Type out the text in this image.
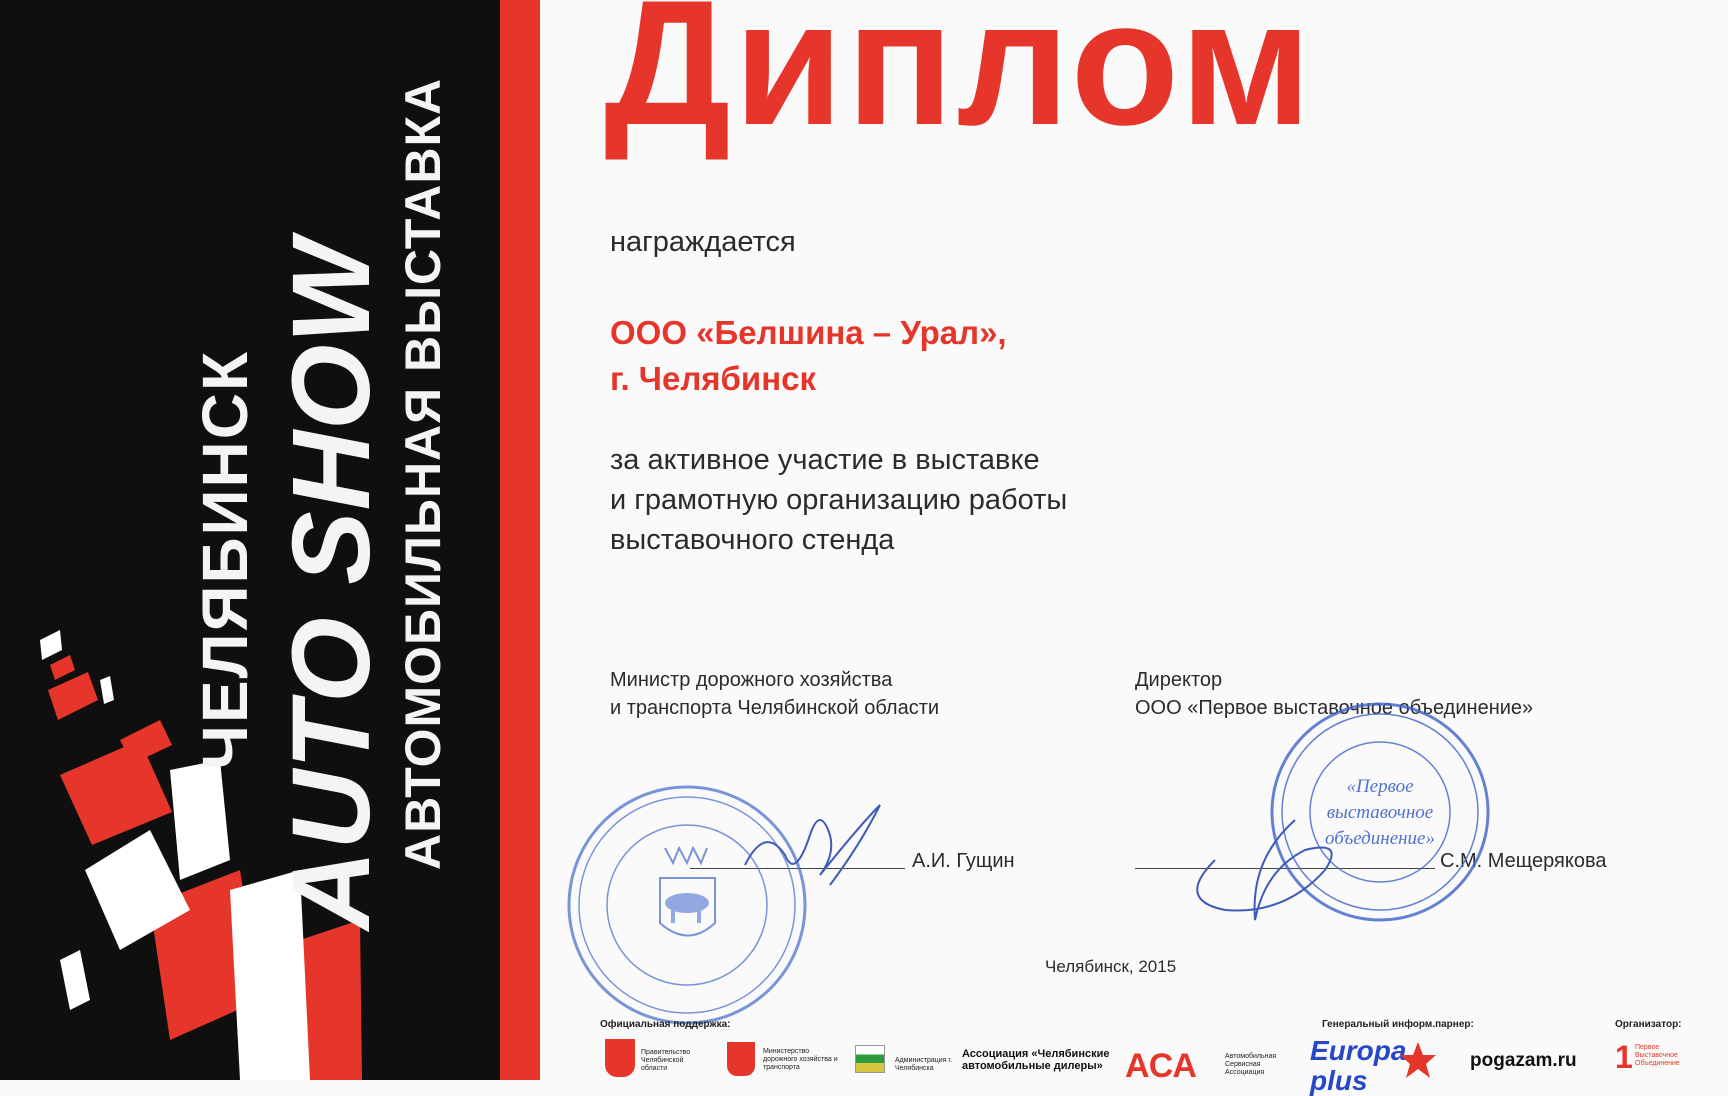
ЧЕЛЯБИНСК AUTO SHOW АВТОМОБИЛЬНАЯ ВЫСТАВКА
Диплом
награждается
ООО «Белшина – Урал»,
г. Челябинск
за активное участие в выставке
и грамотную организацию работы
выставочного стенда
Министр дорожного хозяйства
и транспорта Челябинской области
А.И. Гущин
Директор
ООО «Первое выставочное объединение»
С.М. Мещерякова
«Первое
выставочное
объединение»
Челябинск, 2015
Официальная поддержка:	Генеральный информ.парнер:	Организатор:
Правительство Челябинской области
Министерство дорожного хозяйства и транспорта
Администрация г. Челябинска
Ассоциация «Челябинские автомобильные дилеры» АСА	Автомобильная Сервисная Ассоциация
Europa plus
pogazam.ru	1 Первое Выставочное Объединение
